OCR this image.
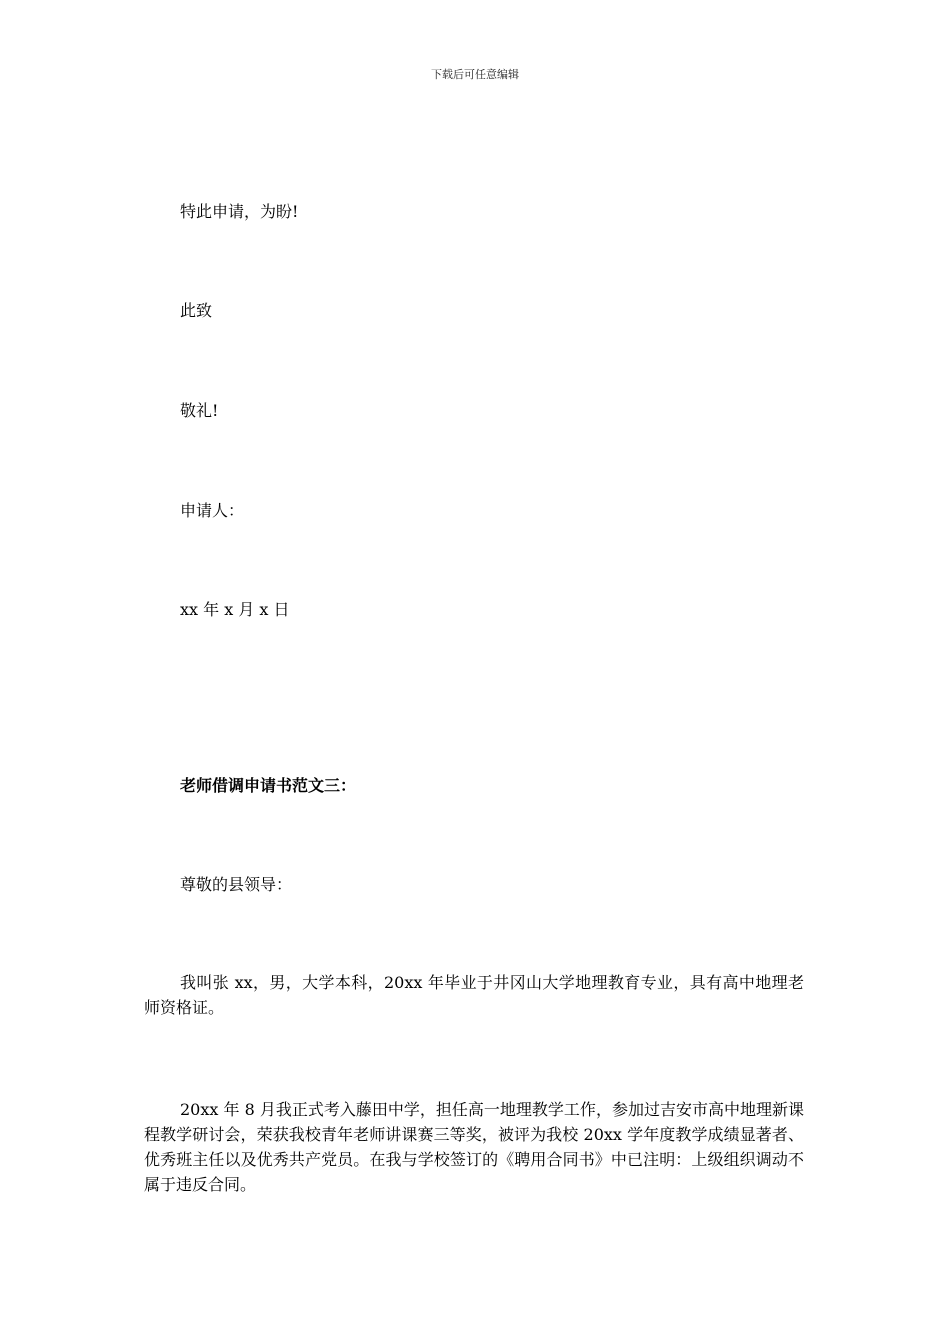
下载后可任意编辑
特此申请，为盼!
此致
敬礼!
申请人：
xx 年 x 月 x 日
老师借调申请书范文三：
尊敬的县领导：
我叫张 xx，男，大学本科，20xx 年毕业于井冈山大学地理教育专业，具有高中地理老师资格证。
20xx 年 8 月我正式考入藤田中学，担任高一地理教学工作，参加过吉安市高中地理新课程教学研讨会，荣获我校青年老师讲课赛三等奖，被评为我校 20xx 学年度教学成绩显著者、优秀班主任以及优秀共产党员。在我与学校签订的《聘用合同书》中已注明：上级组织调动不属于违反合同。
